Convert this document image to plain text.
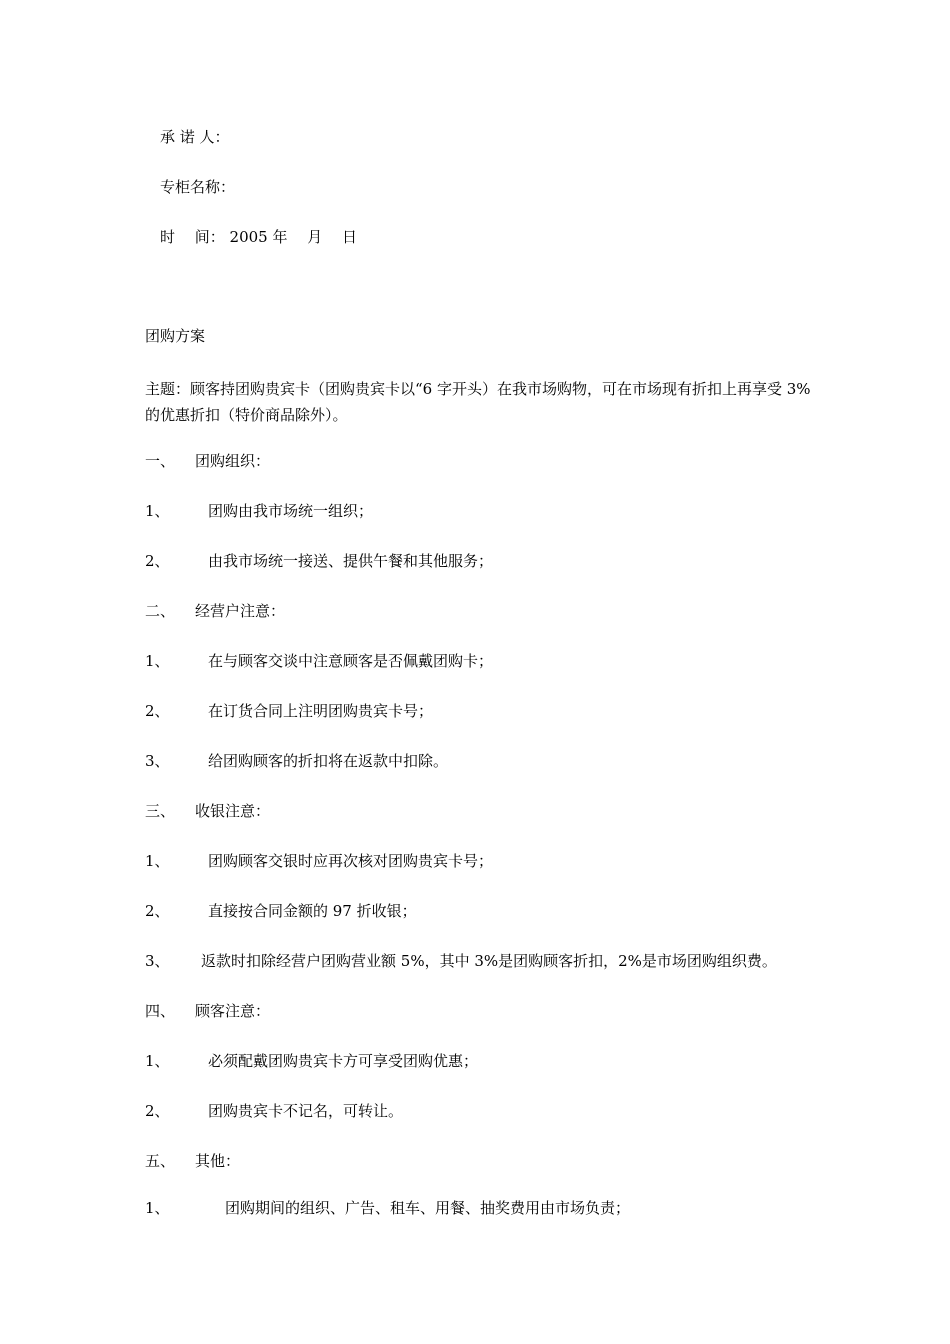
承 诺 人：
专柜名称：
时　 间： 2005 年　 月　 日
团购方案
主题：顾客持团购贵宾卡（团购贵宾卡以“6 字开头）在我市场购物，可在市场现有折扣上再享受 3%的优惠折扣（特价商品除外）。
一、 团购组织：
1、	团购由我市场统一组织；
2、	由我市场统一接送、提供午餐和其他服务；
二、 经营户注意：
1、	在与顾客交谈中注意顾客是否佩戴团购卡；
2、	在订货合同上注明团购贵宾卡号；
3、	给团购顾客的折扣将在返款中扣除。
三、 收银注意：
1、	团购顾客交银时应再次核对团购贵宾卡号；
2、	直接按合同金额的 97 折收银；
3、 返款时扣除经营户团购营业额 5%，其中 3%是团购顾客折扣，2%是市场团购组织费。
四、 顾客注意：
1、	必须配戴团购贵宾卡方可享受团购优惠；
2、	团购贵宾卡不记名，可转让。
五、 其他：
1、	团购期间的组织、广告、租车、用餐、抽奖费用由市场负责；
